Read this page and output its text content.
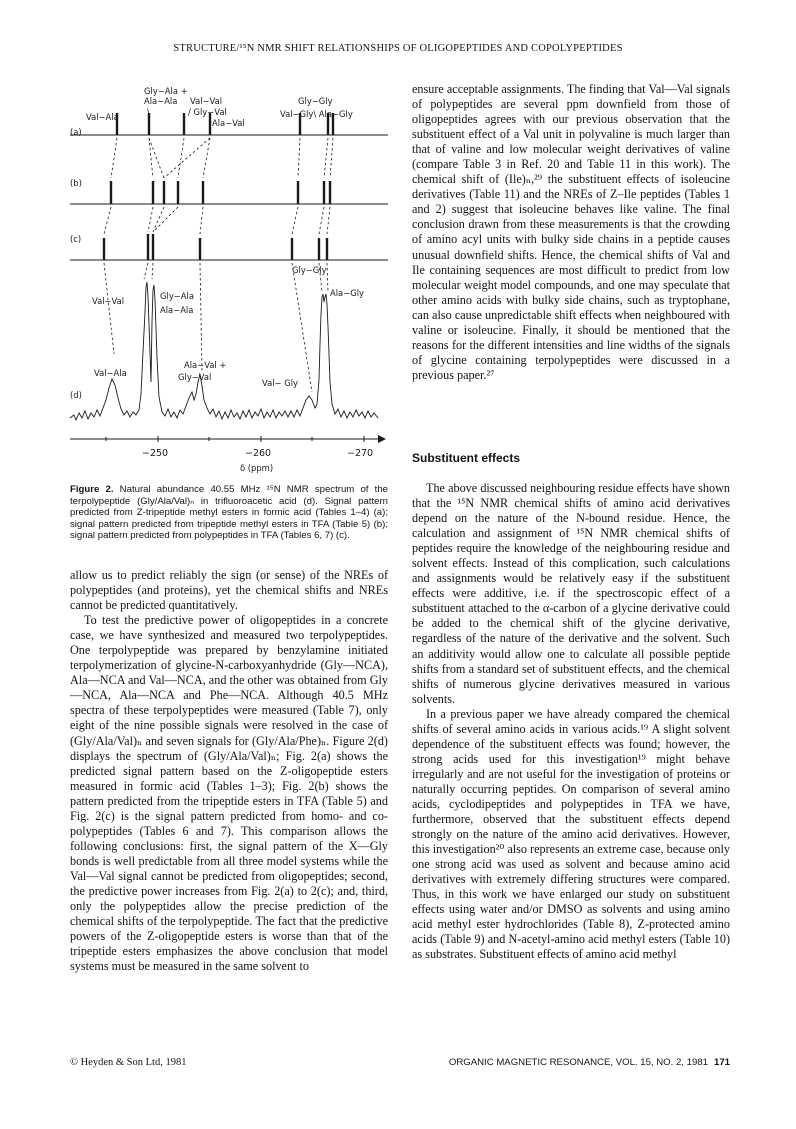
STRUCTURE/¹⁵N NMR SHIFT RELATIONSHIPS OF OLIGOPEPTIDES AND COPOLYPEPTIDES
(a)
(b)
(c)
(d)
Gly−Ala +
Ala−Ala Val−Val	Gly−Gly
Val−Ala	\	/ Gly−Val
Ala−Val
Val−Gly\ Ala−Gly
Gly−Gly
Ala−Gly
Val−Val	Gly−Ala
Ala−Ala
Val−Ala
Ala−Val +
Gly−Val
Val− Gly
−250	−260	−270
δ (ppm)
Figure 2. Natural abundance 40.55 MHz ¹⁵N NMR spectrum of the terpolypeptide (Gly/Ala/Val)ₙ in trifluoroacetic acid (d). Signal pattern predicted from Z-tripeptide methyl esters in formic acid (Tables 1–4) (a); signal pattern predicted from tripeptide methyl esters in TFA (Table 5) (b); signal pattern predicted from polypeptides in TFA (Tables 6, 7) (c).

allow us to predict reliably the sign (or sense) of the NREs of polypeptides (and proteins), yet the chemical shifts and NREs cannot be predicted quantitatively.

To test the predictive power of oligopeptides in a concrete case, we have synthesized and measured two terpolypeptides. One terpolypeptide was prepared by benzylamine initiated terpolymerization of glycine-N-carboxyanhydride (Gly—NCA), Ala—NCA and Val—NCA, and the other was obtained from Gly—NCA, Ala—NCA and Phe—NCA. Although 40.5 MHz spectra of these terpolypeptides were measured (Table 7), only eight of the nine possible signals were resolved in the case of (Gly/Ala/Val)ₙ and seven signals for (Gly/Ala/Phe)ₙ. Figure 2(d) displays the spectrum of (Gly/Ala/Val)ₙ; Fig. 2(a) shows the predicted signal pattern based on the Z-oligopeptide esters measured in formic acid (Tables 1–3); Fig. 2(b) shows the pattern predicted from the tripeptide esters in TFA (Table 5) and Fig. 2(c) is the signal pattern predicted from homo- and co-polypeptides (Tables 6 and 7). This comparison allows the following conclusions: first, the signal pattern of the X—Gly bonds is well predictable from all three model systems while the Val—Val signal cannot be predicted from oligopeptides; second, the predictive power increases from Fig. 2(a) to 2(c); and, third, only the polypeptides allow the precise prediction of the chemical shifts of the terpolypeptide. The fact that the predictive powers of the Z-oligopeptide esters is worse than that of the tripeptide esters emphasizes the above conclusion that model systems must be measured in the same solvent to

ensure acceptable assignments. The finding that Val—Val signals of polypeptides are several ppm downfield from those of oligopeptides agrees with our previous observation that the substituent effect of a Val unit in polyvaline is much larger than that of valine and low molecular weight derivatives of valine (compare Table 3 in Ref. 20 and Table 11 in this work). The chemical shift of (Ile)ₙ,²⁹ the substituent effects of isoleucine derivatives (Table 11) and the NREs of Z–Ile peptides (Tables 1 and 2) suggest that isoleucine behaves like valine. The final conclusion drawn from these measurements is that the crowding of amino acyl units with bulky side chains in a peptide causes unusual downfield shifts. Hence, the chemical shifts of Val and Ile containing sequences are most difficult to predict from low molecular weight model compounds, and one may speculate that other amino acids with bulky side chains, such as tryptophane, can also cause unpredictable shift effects when neighboured with valine or isoleucine. Finally, it should be mentioned that the reasons for the different intensities and line widths of the signals of glycine containing terpolypeptides were discussed in a previous paper.²⁷

Substituent effects

The above discussed neighbouring residue effects have shown that the ¹⁵N NMR chemical shifts of amino acid derivatives depend on the nature of the N-bound residue. Hence, the calculation and assignment of ¹⁵N NMR chemical shifts of peptides require the knowledge of the neighbouring residue and solvent effects. Instead of this complication, such calculations and assignments would be relatively easy if the substituent effects were additive, i.e. if the spectroscopic effect of a substituent attached to the α-carbon of a glycine derivative could be added to the chemical shift of the glycine derivative, regardless of the nature of the derivative and the solvent. Such an additivity would allow one to calculate all possible peptide shifts from a standard set of substituent effects, and the chemical shifts of numerous glycine derivatives measured in various solvents.

In a previous paper we have already compared the chemical shifts of several amino acids in various acids.¹⁹ A slight solvent dependence of the substituent effects was found; however, the strong acids used for this investigation¹⁹ might behave irregularly and are not useful for the investigation of proteins or naturally occurring peptides. On comparison of several amino acids, cyclodipeptides and polypeptides in TFA we have, furthermore, observed that the substituent effects depend strongly on the nature of the amino acid derivatives. However, this investigation²⁰ also represents an extreme case, because only one strong acid was used as solvent and because amino acid derivatives with extremely differing structures were compared. Thus, in this work we have enlarged our study on substituent effects using water and/or DMSO as solvents and using amino acid methyl ester hydrochlorides (Table 8), Z-protected amino acids (Table 9) and N-acetyl-amino acid methyl esters (Table 10) as substrates. Substituent effects of amino acid methyl

© Heyden & Son Ltd, 1981	ORGANIC MAGNETIC RESONANCE, VOL. 15, NO. 2, 1981 171
